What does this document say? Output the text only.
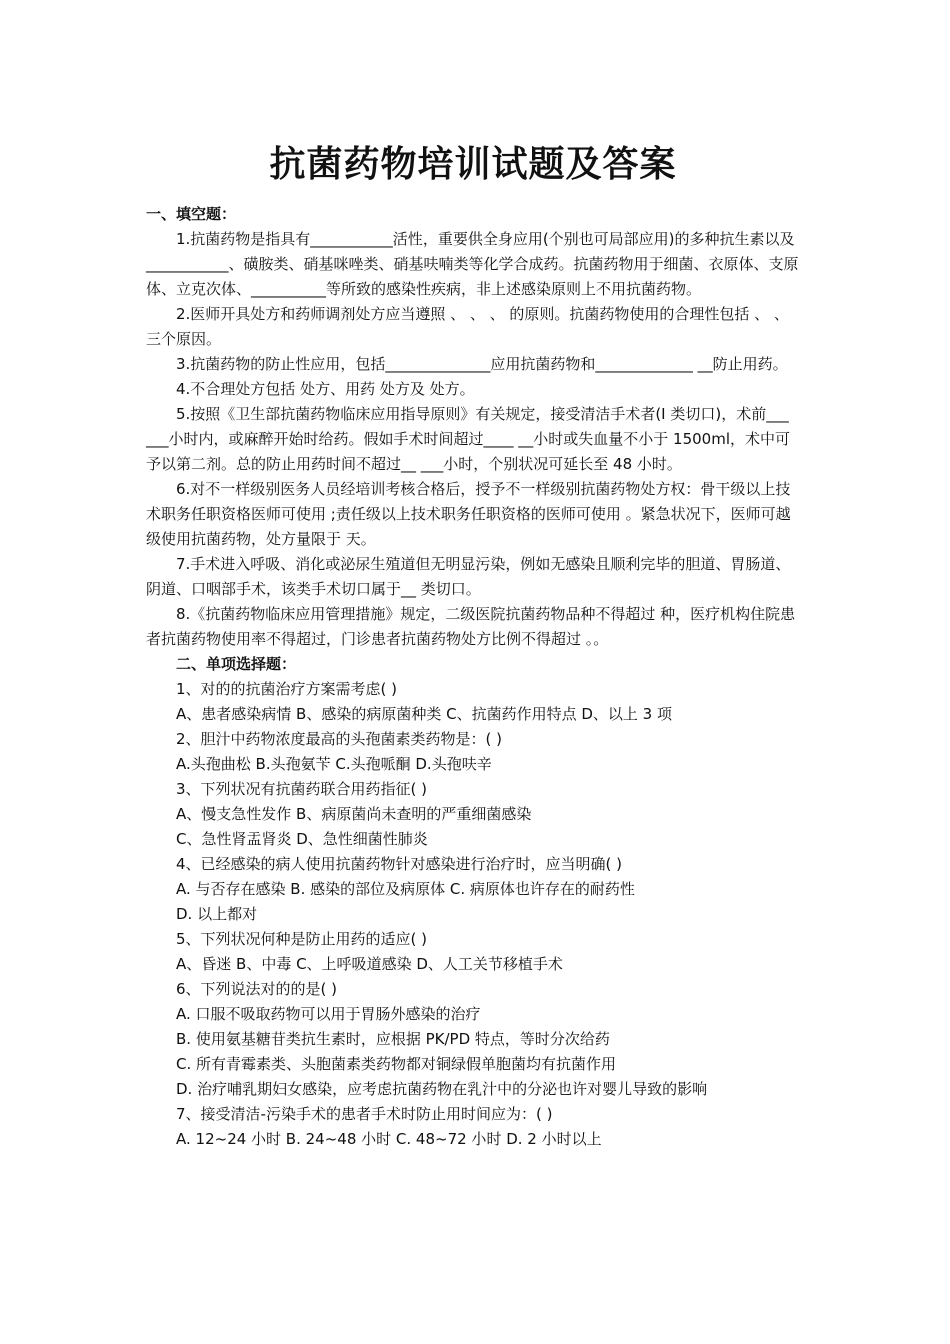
抗菌药物培训试题及答案

一、填空题：

1.抗菌药物是指具有___________活性，重要供全身应用(个别也可局部应用)的多种抗生素以及___________、磺胺类、硝基咪唑类、硝基呋喃类等化学合成药。抗菌药物用于细菌、衣原体、支原体、立克次体、__________等所致的感染性疾病，非上述感染原则上不用抗菌药物。

2.医师开具处方和药师调剂处方应当遵照 、 、 、 的原则。抗菌药物使用的合理性包括 、 、 三个原因。

3.抗菌药物的防止性应用，包括______________应用抗菌药物和_____________ __防止用药。

4.不合理处方包括 处方、用药 处方及 处方。

5.按照《卫生部抗菌药物临床应用指导原则》有关规定，接受清洁手术者(Ⅰ 类切口)，术前___ ___小时内，或麻醉开始时给药。假如手术时间超过____ __小时或失血量不小于 1500ml，术中可予以第二剂。总的防止用药时间不超过__ ___小时，个别状况可延长至 48 小时。

6.对不一样级别医务人员经培训考核合格后，授予不一样级别抗菌药物处方权：骨干级以上技术职务任职资格医师可使用 ;责任级以上技术职务任职资格的医师可使用 。紧急状况下，医师可越级使用抗菌药物，处方量限于 天。

7.手术进入呼吸、消化或泌尿生殖道但无明显污染，例如无感染且顺利完毕的胆道、胃肠道、阴道、口咽部手术，该类手术切口属于__ 类切口。

8.《抗菌药物临床应用管理措施》规定，二级医院抗菌药物品种不得超过 种，医疗机构住院患者抗菌药物使用率不得超过，门诊患者抗菌药物处方比例不得超过 。。

二、单项选择题：

1、对的的抗菌治疗方案需考虑( )

A、患者感染病情 B、感染的病原菌种类 C、抗菌药作用特点 D、以上 3 项

2、胆汁中药物浓度最高的头孢菌素类药物是：( )

A.头孢曲松 B.头孢氨苄 C.头孢哌酮 D.头孢呋辛

3、下列状况有抗菌药联合用药指征( )

A、慢支急性发作 B、病原菌尚未查明的严重细菌感染

C、急性肾盂肾炎 D、急性细菌性肺炎

4、已经感染的病人使用抗菌药物针对感染进行治疗时，应当明确( )

A. 与否存在感染 B. 感染的部位及病原体 C. 病原体也许存在的耐药性

D. 以上都对

5、下列状况何种是防止用药的适应( )

A、昏迷 B、中毒 C、上呼吸道感染 D、人工关节移植手术

6、下列说法对的的是( )

A. 口服不吸取药物可以用于胃肠外感染的治疗

B. 使用氨基糖苷类抗生素时，应根据 PK/PD 特点，等时分次给药

C. 所有青霉素类、头胞菌素类药物都对铜绿假单胞菌均有抗菌作用

D. 治疗哺乳期妇女感染，应考虑抗菌药物在乳汁中的分泌也许对婴儿导致的影响

7、接受清洁-污染手术的患者手术时防止用时间应为：( )

A. 12~24 小时 B. 24~48 小时 C. 48~72 小时 D. 2 小时以上
